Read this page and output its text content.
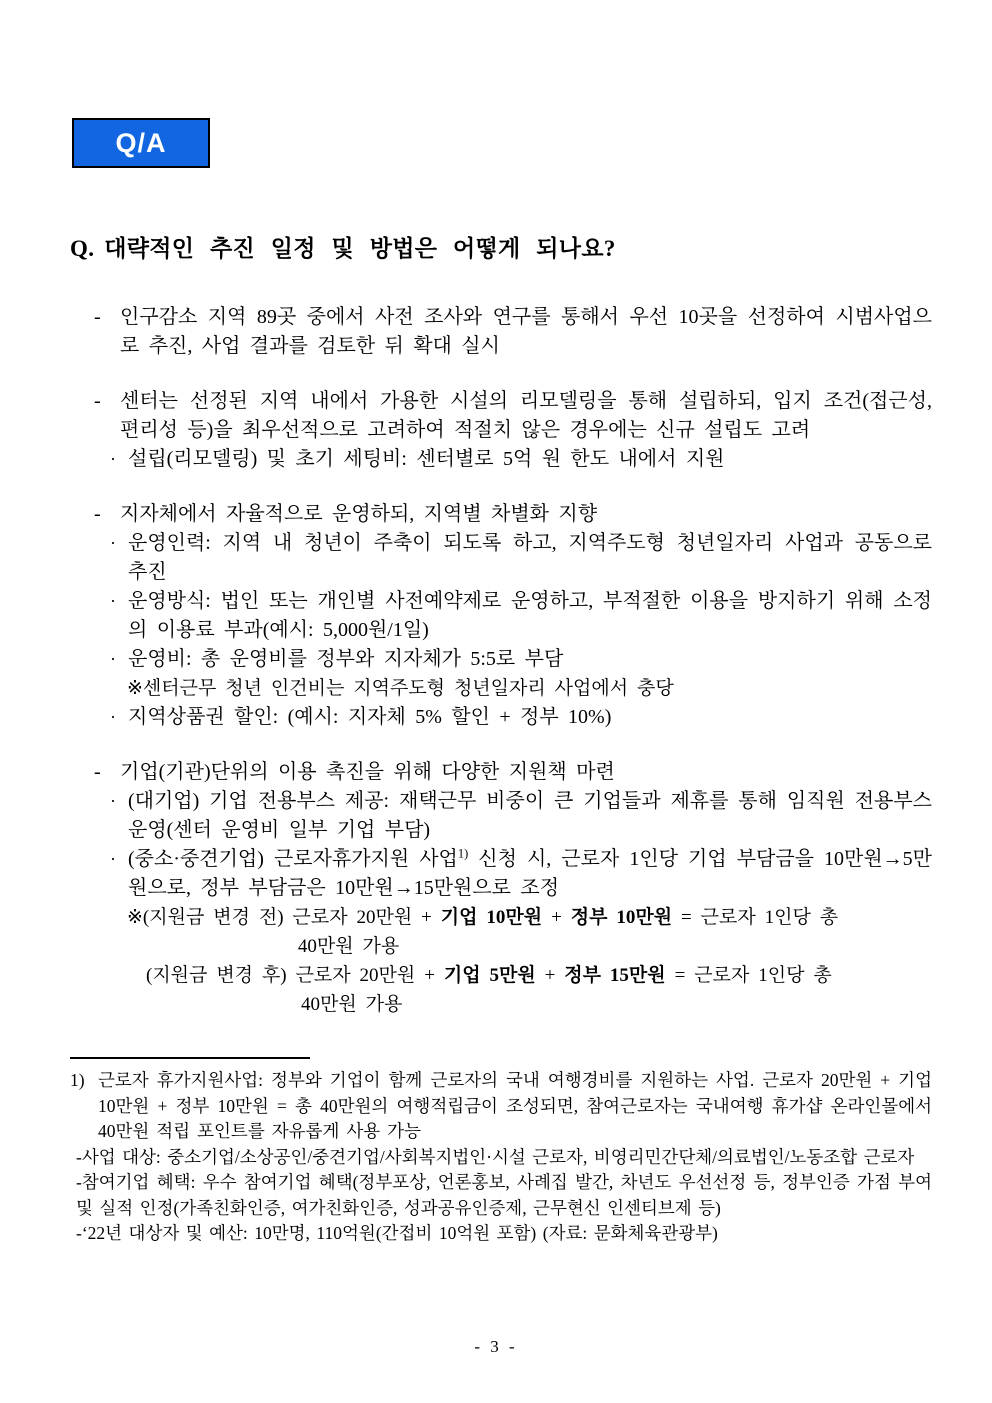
Q/A
Q. 대략적인 추진 일정 및 방법은 어떻게 되나요?
- 인구감소 지역 89곳 중에서 사전 조사와 연구를 통해서 우선 10곳을 선정하여 시범사업으로 추진, 사업 결과를 검토한 뒤 확대 실시
- 센터는 선정된 지역 내에서 가용한 시설의 리모델링을 통해 설립하되, 입지 조건(접근성, 편리성 등)을 최우선적으로 고려하여 적절치 않은 경우에는 신규 설립도 고려
· 설립(리모델링) 및 초기 세팅비: 센터별로 5억 원 한도 내에서 지원
- 지자체에서 자율적으로 운영하되, 지역별 차별화 지향
· 운영인력: 지역 내 청년이 주축이 되도록 하고, 지역주도형 청년일자리 사업과 공동으로 추진
· 운영방식: 법인 또는 개인별 사전예약제로 운영하고, 부적절한 이용을 방지하기 위해 소정의 이용료 부과(예시: 5,000원/1일)
· 운영비: 총 운영비를 정부와 지자체가 5:5로 부담
※ 센터근무 청년 인건비는 지역주도형 청년일자리 사업에서 충당
· 지역상품권 할인: (예시: 지자체 5% 할인 + 정부 10%)
- 기업(기관)단위의 이용 촉진을 위해 다양한 지원책 마련
· (대기업) 기업 전용부스 제공: 재택근무 비중이 큰 기업들과 제휴를 통해 임직원 전용부스 운영(센터 운영비 일부 기업 부담)
· (중소·중견기업) 근로자휴가지원 사업$^{1)}$ 신청 시, 근로자 1인당 기업 부담금을 10만원→5만원으로, 정부 부담금은 10만원→15만원으로 조정
※ (지원금 변경 전) 근로자 20만원 + 기업 10만원 + 정부 10만원 = 근로자 1인당 총
40만원 가용
(지원금 변경 후) 근로자 20만원 + 기업 5만원 + 정부 15만원 = 근로자 1인당 총
40만원 가용
1) 근로자 휴가지원사업: 정부와 기업이 함께 근로자의 국내 여행경비를 지원하는 사업. 근로자 20만원 + 기업 10만원 + 정부 10만원 = 총 40만원의 여행적립금이 조성되면, 참여근로자는 국내여행 휴가샵 온라인몰에서 40만원 적립 포인트를 자유롭게 사용 가능
-사업 대상: 중소기업/소상공인/중견기업/사회복지법인·시설 근로자, 비영리민간단체/의료법인/노동조합 근로자
-참여기업 혜택: 우수 참여기업 혜택(정부포상, 언론홍보, 사례집 발간, 차년도 우선선정 등, 정부인증 가점 부여 및 실적 인정(가족친화인증, 여가친화인증, 성과공유인증제, 근무현신 인센티브제 등)
-‘22년 대상자 및 예산: 10만명, 110억원(간접비 10억원 포함) (자료: 문화체육관광부)
- 3 -
